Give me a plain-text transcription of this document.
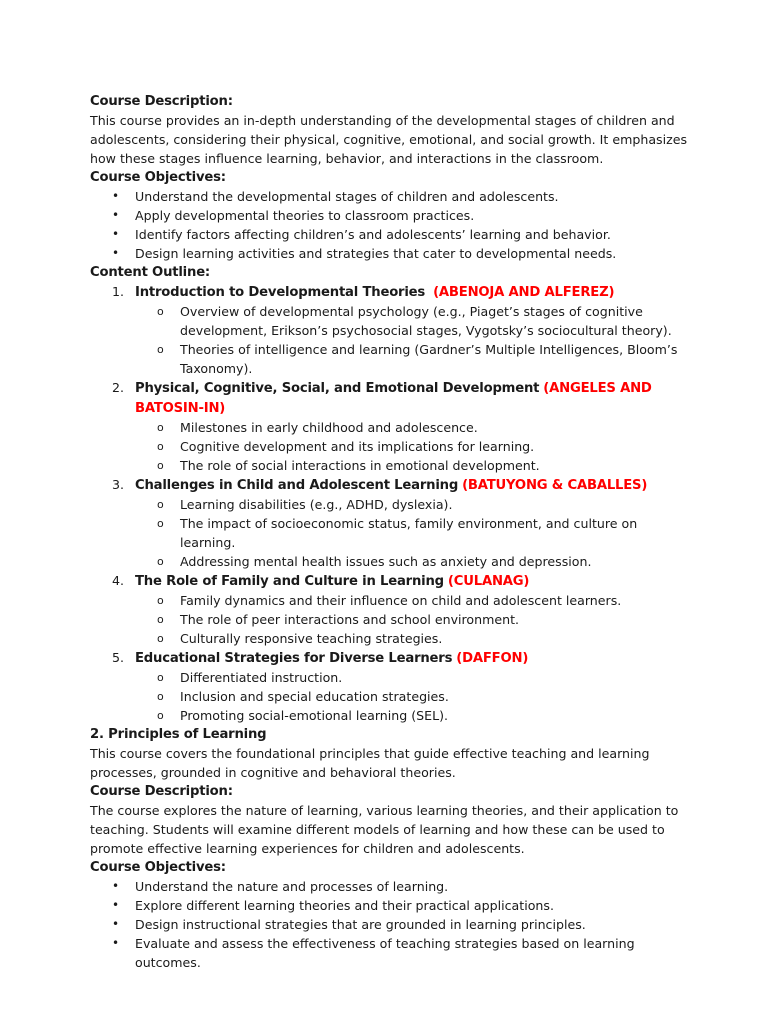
Course Description:

This course provides an in-depth understanding of the developmental stages of children and adolescents, considering their physical, cognitive, emotional, and social growth. It emphasizes how these stages influence learning, behavior, and interactions in the classroom.

Course Objectives:

• Understand the developmental stages of children and adolescents.
• Apply developmental theories to classroom practices.
• Identify factors affecting children’s and adolescents’ learning and behavior.
• Design learning activities and strategies that cater to developmental needs.

Content Outline:

1. Introduction to Developmental Theories (ABENOJA AND ALFEREZ)
o Overview of developmental psychology (e.g., Piaget’s stages of cognitive development, Erikson’s psychosocial stages, Vygotsky’s sociocultural theory).
o Theories of intelligence and learning (Gardner’s Multiple Intelligences, Bloom’s Taxonomy).
2. Physical, Cognitive, Social, and Emotional Development (ANGELES AND BATOSIN-IN)
o Milestones in early childhood and adolescence.
o Cognitive development and its implications for learning.
o The role of social interactions in emotional development.
3. Challenges in Child and Adolescent Learning (BATUYONG & CABALLES)
o Learning disabilities (e.g., ADHD, dyslexia).
o The impact of socioeconomic status, family environment, and culture on learning.
o Addressing mental health issues such as anxiety and depression.
4. The Role of Family and Culture in Learning (CULANAG)
o Family dynamics and their influence on child and adolescent learners.
o The role of peer interactions and school environment.
o Culturally responsive teaching strategies.
5. Educational Strategies for Diverse Learners (DAFFON)
o Differentiated instruction.
o Inclusion and special education strategies.
o Promoting social-emotional learning (SEL).

2. Principles of Learning

This course covers the foundational principles that guide effective teaching and learning processes, grounded in cognitive and behavioral theories.

Course Description:

The course explores the nature of learning, various learning theories, and their application to teaching. Students will examine different models of learning and how these can be used to promote effective learning experiences for children and adolescents.

Course Objectives:

• Understand the nature and processes of learning.
• Explore different learning theories and their practical applications.
• Design instructional strategies that are grounded in learning principles.
• Evaluate and assess the effectiveness of teaching strategies based on learning outcomes.
